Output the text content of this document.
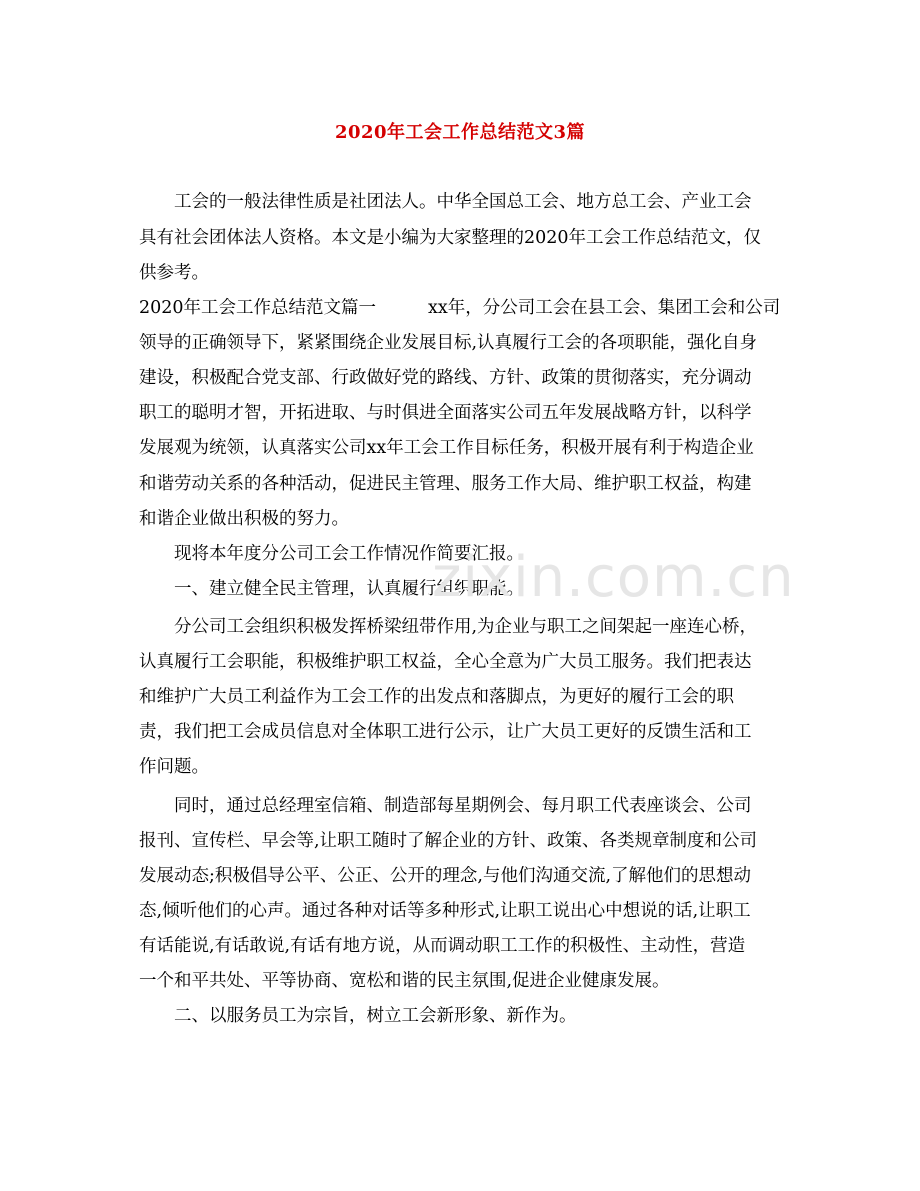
2020年工会工作总结范文3篇
工会的一般法律性质是社团法人。中华全国总工会、地方总工会、产业工会
具有社会团体法人资格。本文是小编为大家整理的2020年工会工作总结范文，仅
供参考。
2020年工会工作总结范文篇一	xx年，分公司工会在县工会、集团工会和公司
领导的正确领导下，紧紧围绕企业发展目标,认真履行工会的各项职能，强化自身
建设，积极配合党支部、行政做好党的路线、方针、政策的贯彻落实，充分调动
职工的聪明才智，开拓进取、与时俱进全面落实公司五年发展战略方针，以科学
发展观为统领，认真落实公司xx年工会工作目标任务，积极开展有利于构造企业
和谐劳动关系的各种活动，促进民主管理、服务工作大局、维护职工权益，构建
和谐企业做出积极的努力。
现将本年度分公司工会工作情况作简要汇报。
一、建立健全民主管理，认真履行组织职能。
分公司工会组织积极发挥桥梁纽带作用,为企业与职工之间架起一座连心桥，
认真履行工会职能，积极维护职工权益，全心全意为广大员工服务。我们把表达
和维护广大员工利益作为工会工作的出发点和落脚点，为更好的履行工会的职
责，我们把工会成员信息对全体职工进行公示，让广大员工更好的反馈生活和工
作问题。
同时，通过总经理室信箱、制造部每星期例会、每月职工代表座谈会、公司
报刊、宣传栏、早会等,让职工随时了解企业的方针、政策、各类规章制度和公司
发展动态;积极倡导公平、公正、公开的理念,与他们沟通交流,了解他们的思想动
态,倾听他们的心声。通过各种对话等多种形式,让职工说出心中想说的话,让职工
有话能说,有话敢说,有话有地方说，从而调动职工工作的积极性、主动性，营造
一个和平共处、平等协商、宽松和谐的民主氛围,促进企业健康发展。
二、以服务员工为宗旨，树立工会新形象、新作为。
zixin.com.cn
